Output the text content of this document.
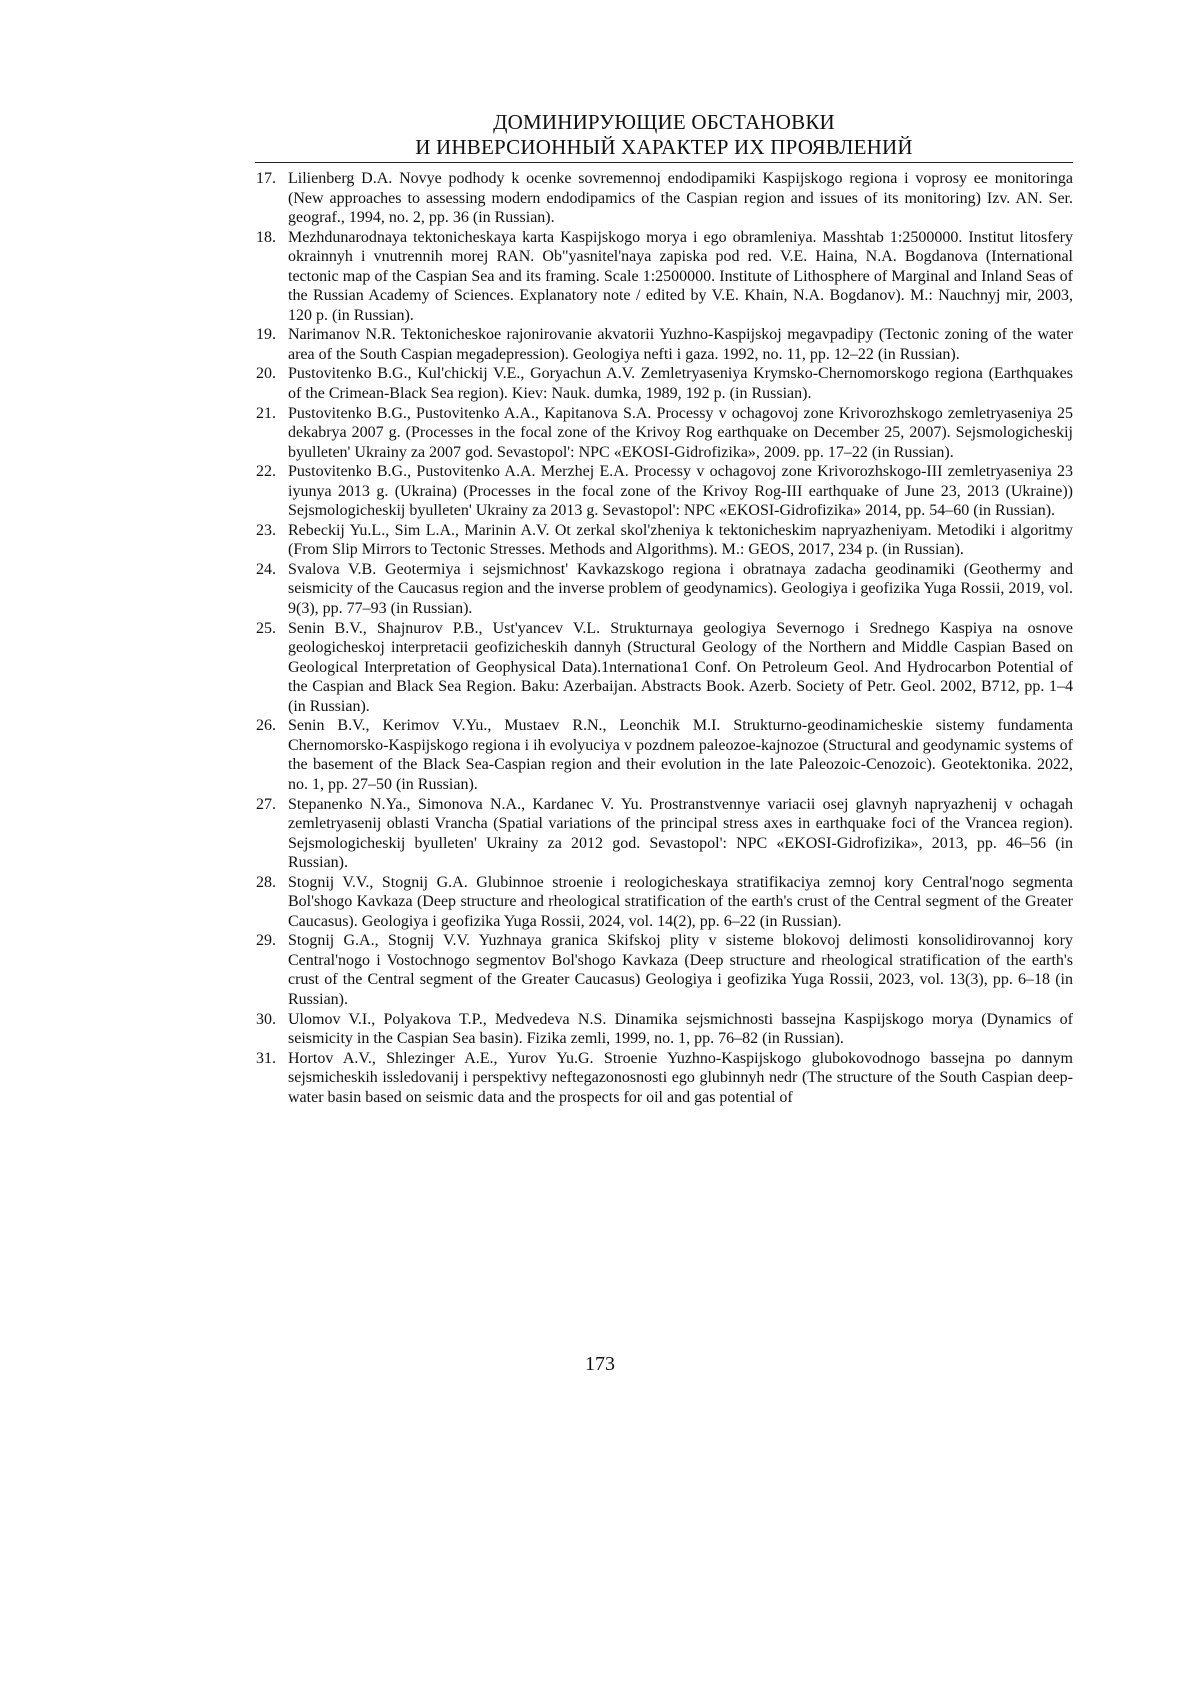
ДОМИНИРУЮЩИЕ ОБСТАНОВКИ
И ИНВЕРСИОННЫЙ ХАРАКТЕР ИХ ПРОЯВЛЕНИЙ
17. Lilienberg D.A. Novye podhody k ocenke sovremennoj endodipamiki Kaspijskogo regiona i voprosy ee monitoringa (New approaches to assessing modern endodipamics of the Caspian region and issues of its monitoring) Izv. AN. Ser. geograf., 1994, no. 2, pp. 36 (in Russian).
18. Mezhdunarodnaya tektonicheskaya karta Kaspijskogo morya i ego obramleniya. Masshtab 1:2500000. Institut litosfery okrainnyh i vnutrennih morej RAN. Ob"yasnitel'naya zapiska pod red. V.E. Haina, N.A. Bogdanova (International tectonic map of the Caspian Sea and its framing. Scale 1:2500000. Institute of Lithosphere of Marginal and Inland Seas of the Russian Academy of Sciences. Explanatory note / edited by V.E. Khain, N.A. Bogdanov). M.: Nauchnyj mir, 2003, 120 p. (in Russian).
19. Narimanov N.R. Tektonicheskoe rajonirovanie akvatorii Yuzhno-Kaspijskoj megavpadipy (Tectonic zoning of the water area of the South Caspian megadepression). Geologiya nefti i gaza. 1992, no. 11, pp. 12–22 (in Russian).
20. Pustovitenko B.G., Kul'chickij V.E., Goryachun A.V. Zemletryaseniya Krymsko-Chernomorskogo regiona (Earthquakes of the Crimean-Black Sea region). Kiev: Nauk. dumka, 1989, 192 p. (in Russian).
21. Pustovitenko B.G., Pustovitenko A.A., Kapitanova S.A. Processy v ochagovoj zone Krivorozhskogo zemletryaseniya 25 dekabrya 2007 g. (Processes in the focal zone of the Krivoy Rog earthquake on December 25, 2007). Sejsmologicheskij byulleten' Ukrainy za 2007 god. Sevastopol': NPC «EKOSI-Gidrofizika», 2009. pp. 17–22 (in Russian).
22. Pustovitenko B.G., Pustovitenko A.A. Merzhej E.A. Processy v ochagovoj zone Krivorozhskogo-III zemletryaseniya 23 iyunya 2013 g. (Ukraina) (Processes in the focal zone of the Krivoy Rog-III earthquake of June 23, 2013 (Ukraine)) Sejsmologicheskij byulleten' Ukrainy za 2013 g. Sevastopol': NPC «EKOSI-Gidrofizika» 2014, pp. 54–60 (in Russian).
23. Rebeckij Yu.L., Sim L.A., Marinin A.V. Ot zerkal skol'zheniya k tektonicheskim napryazheniyam. Metodiki i algoritmy (From Slip Mirrors to Tectonic Stresses. Methods and Algorithms). M.: GEOS, 2017, 234 p. (in Russian).
24. Svalova V.B. Geotermiya i sejsmichnost' Kavkazskogo regiona i obratnaya zadacha geodinamiki (Geothermy and seismicity of the Caucasus region and the inverse problem of geodynamics). Geologiya i geofizika Yuga Rossii, 2019, vol. 9(3), pp. 77–93 (in Russian).
25. Senin B.V., Shajnurov P.B., Ust'yancev V.L. Strukturnaya geologiya Severnogo i Srednego Kaspiya na osnove geologicheskoj interpretacii geofizicheskih dannyh (Structural Geology of the Northern and Middle Caspian Based on Geological Interpretation of Geophysical Data).1nternationa1 Conf. On Petroleum Geol. And Hydrocarbon Potential of the Caspian and Black Sea Region. Baku: Azerbaijan. Abstracts Book. Azerb. Society of Petr. Geol. 2002, B712, pp. 1–4 (in Russian).
26. Senin B.V., Kerimov V.Yu., Mustaev R.N., Leonchik M.I. Strukturno-geodinamicheskie sistemy fundamenta Chernomorsko-Kaspijskogo regiona i ih evolyuciya v pozdnem paleozoe-kajnozoe (Structural and geodynamic systems of the basement of the Black Sea-Caspian region and their evolution in the late Paleozoic-Cenozoic). Geotektonika. 2022, no. 1, pp. 27–50 (in Russian).
27. Stepanenko N.Ya., Simonova N.A., Kardanec V. Yu. Prostranstvennye variacii osej glavnyh napryazhenij v ochagah zemletryasenij oblasti Vrancha (Spatial variations of the principal stress axes in earthquake foci of the Vrancea region). Sejsmologicheskij byulleten' Ukrainy za 2012 god. Sevastopol': NPC «EKOSI-Gidrofizika», 2013, pp. 46–56 (in Russian).
28. Stognij V.V., Stognij G.A. Glubinnoe stroenie i reologicheskaya stratifikaciya zemnoj kory Central'nogo segmenta Bol'shogo Kavkaza (Deep structure and rheological stratification of the earth's crust of the Central segment of the Greater Caucasus). Geologiya i geofizika Yuga Rossii, 2024, vol. 14(2), pp. 6–22 (in Russian).
29. Stognij G.A., Stognij V.V. Yuzhnaya granica Skifskoj plity v sisteme blokovoj delimosti konsolidirovannoj kory Central'nogo i Vostochnogo segmentov Bol'shogo Kavkaza (Deep structure and rheological stratification of the earth's crust of the Central segment of the Greater Caucasus) Geologiya i geofizika Yuga Rossii, 2023, vol. 13(3), pp. 6–18 (in Russian).
30. Ulomov V.I., Polyakova T.P., Medvedeva N.S. Dinamika sejsmichnosti bassejna Kaspijskogo morya (Dynamics of seismicity in the Caspian Sea basin). Fizika zemli, 1999, no. 1, pp. 76–82 (in Russian).
31. Hortov A.V., Shlezinger A.E., Yurov Yu.G. Stroenie Yuzhno-Kaspijskogo glubokovodnogo bassejna po dannym sejsmicheskih issledovanij i perspektivy neftegazonosnosti ego glubinnyh nedr (The structure of the South Caspian deep-water basin based on seismic data and the prospects for oil and gas potential of
173
